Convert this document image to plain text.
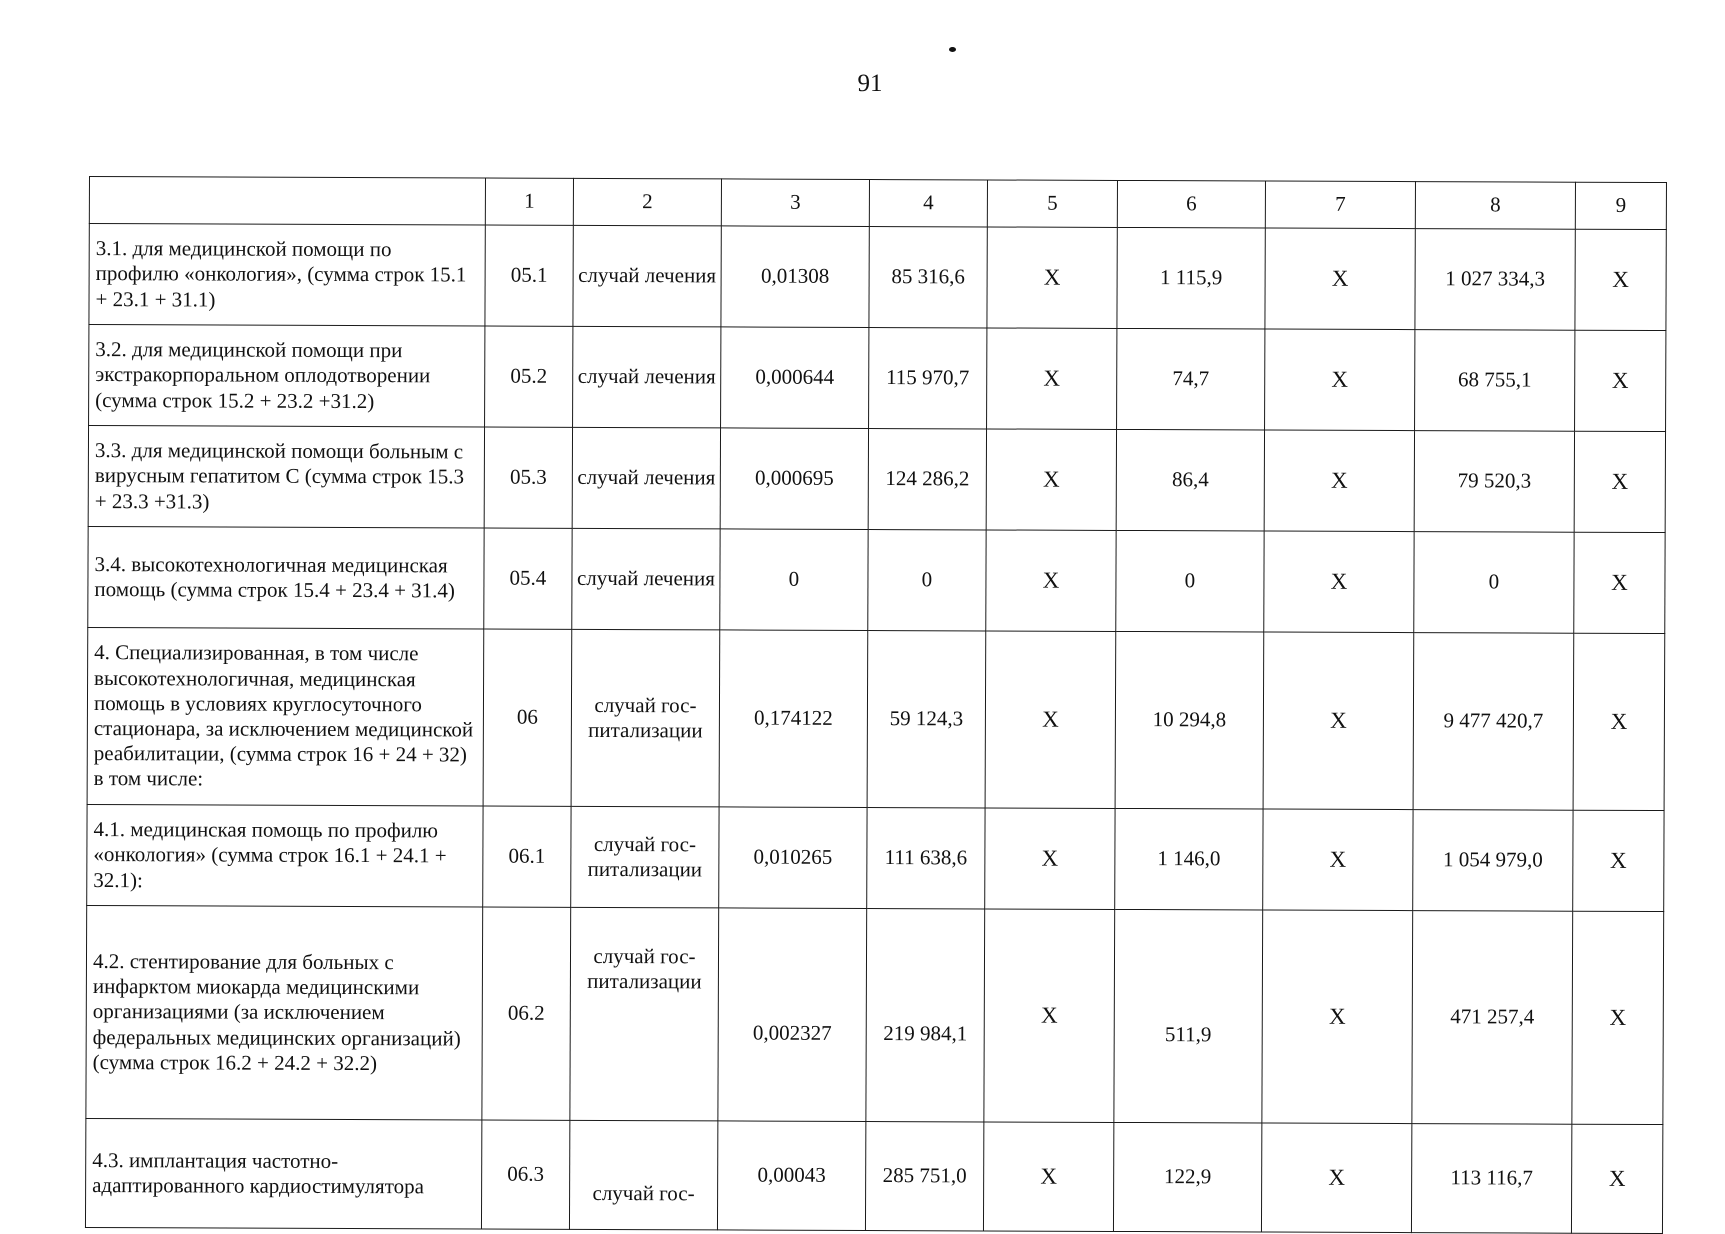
91
	1	2	3	4	5	6	7	8	9
3.1. для медицинской помощи по профилю «онкология», (сумма строк 15.1 + 23.1 + 31.1)	05.1	случай лечения	0,01308	85 316,6	X	1 115,9	X	1 027 334,3	X
3.2. для медицинской помощи при экстракорпоральном оплодотворении (сумма строк 15.2 + 23.2 +31.2)	05.2	случай лечения	0,000644	115 970,7	X	74,7	X	68 755,1	X
3.3. для медицинской помощи больным с вирусным гепатитом С (сумма строк 15.3 + 23.3 +31.3)	05.3	случай лечения	0,000695	124 286,2	X	86,4	X	79 520,3	X
3.4. высокотехнологичная медицинская помощь (сумма строк 15.4 + 23.4 + 31.4)	05.4	случай лечения	0	0	X	0	X	0	X
4. Специализированная, в том числе высокотехнологичная, медицинская помощь в условиях круглосуточного стационара, за исключением медицинской реабилитации, (сумма строк 16 + 24 + 32) в том числе:	06	случай гос-питализации	0,174122	59 124,3	X	10 294,8	X	9 477 420,7	X
4.1. медицинская помощь по профилю «онкология» (сумма строк 16.1 + 24.1 + 32.1):	06.1	случай гос-питализации	0,010265	111 638,6	X	1 146,0	X	1 054 979,0	X
4.2. стентирование для больных с инфарктом миокарда медицинскими организациями (за исключением федеральных медицинских организаций) (сумма строк 16.2 + 24.2 + 32.2)	06.2	случай гос-питализации	0,002327	219 984,1	X	511,9	X	471 257,4	X
4.3. имплантация частотно-адаптированного кардиостимулятора	06.3	случай гос-	0,00043	285 751,0	X	122,9	X	113 116,7	X
